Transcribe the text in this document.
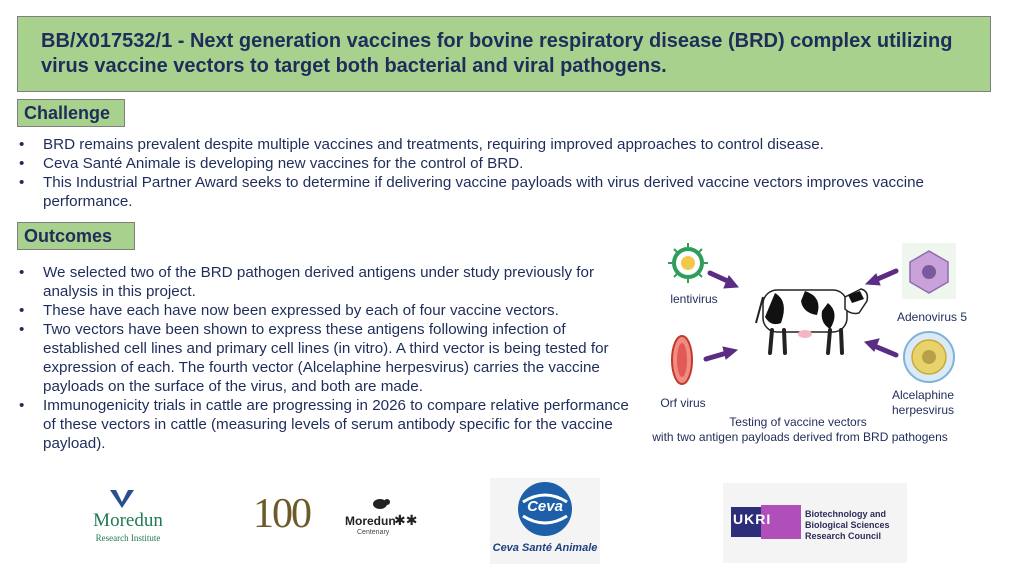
BB/X017532/1 - Next generation vaccines for bovine respiratory disease (BRD) complex utilizing virus vaccine vectors to target both bacterial and viral pathogens.
Challenge
• BRD remains prevalent despite multiple vaccines and treatments, requiring improved approaches to control disease.
• Ceva Santé Animale is developing new vaccines for the control of BRD.
• This Industrial Partner Award seeks to determine if delivering vaccine payloads with virus derived vaccine vectors improves vaccine performance.
Outcomes
• We selected two of the BRD pathogen derived antigens under study previously for analysis in this project.
• These have each have now been expressed by each of four vaccine vectors.
• Two vectors have been shown to express these antigens following infection of established cell lines and primary cell lines (in vitro). A third vector is being tested for expression of each. The fourth vector (Alcelaphine herpesvirus) carries the vaccine payloads on the surface of the virus, and both are made.
• Immunogenicity trials in cattle are progressing in 2026 to compare relative performance of these vectors in cattle (measuring levels of serum antibody specific for the vaccine payload).
lentivirus
Orf virus
Adenovirus 5
Alcelaphine
herpesvirus
Testing of vaccine vectors
with two antigen payloads derived from BRD pathogens
Moredun
Research Institute
100	Moredun
✱✱
Centenary
Ceva
Ceva Santé Animale
UKRI	Biotechnology and
Biological Sciences
Research Council
